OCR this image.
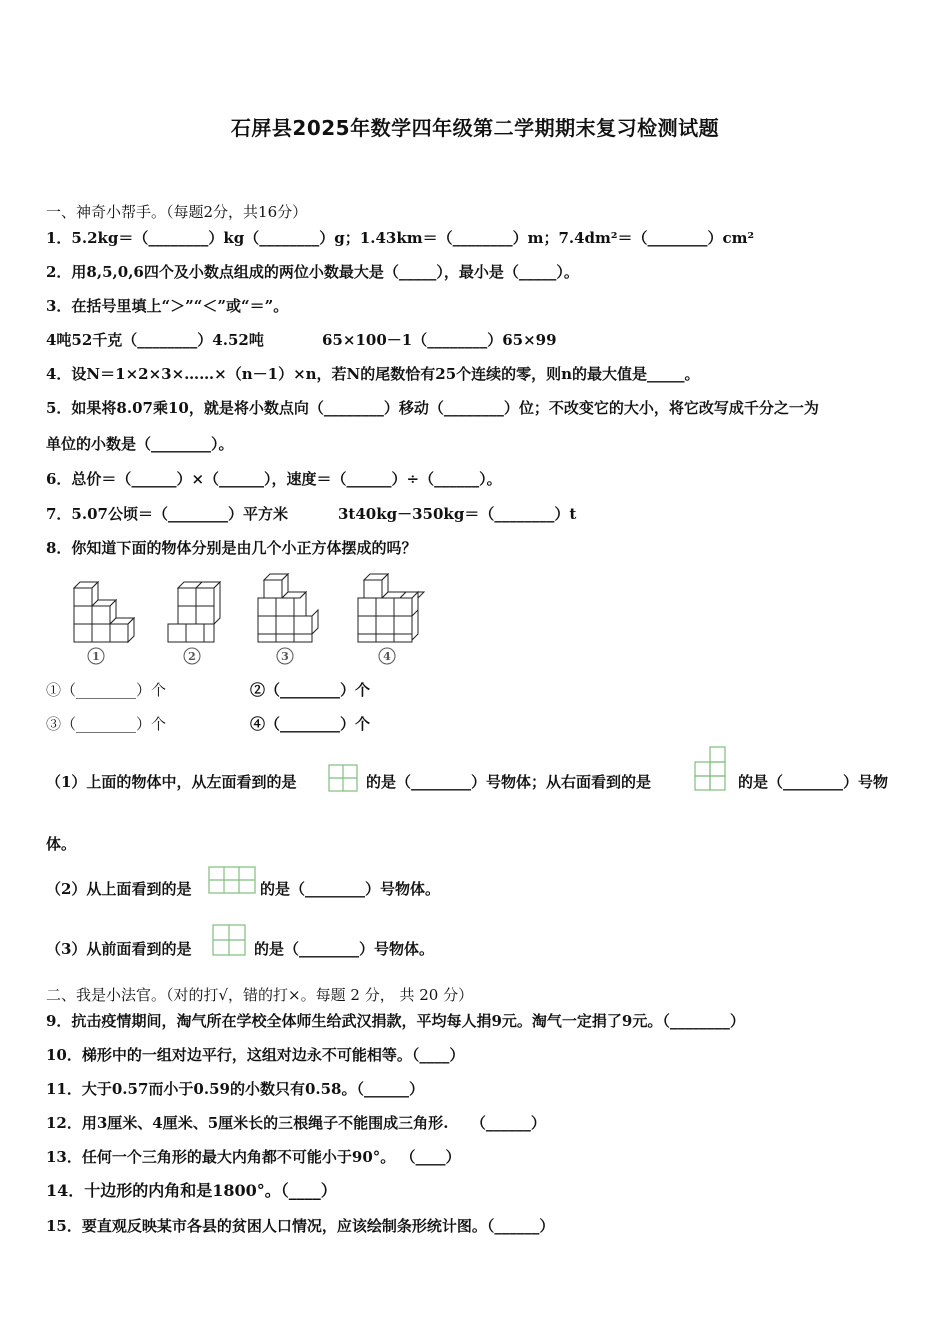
石屏县2025年数学四年级第二学期期末复习检测试题
一、神奇小帮手。（每题2分，共16分）
1．5.2kg＝（________）kg（________）g；1.43km＝（________）m；7.4dm²＝（________）cm²
2．用8,5,0,6四个及小数点组成的两位小数最大是（_____），最小是（_____）。
3．在括号里填上“＞”“＜”或“＝”。
4吨52千克（________）4.52吨	65×100－1（________）65×99
4．设N＝1×2×3×……×（n－1）×n，若N的尾数恰有25个连续的零，则n的最大值是_____。
5．如果将8.07乘10，就是将小数点向（________）移动（________）位；不改变它的大小，将它改写成千分之一为
单位的小数是（________）。
6．总价＝（______）×（______），速度＝（______）÷（______）。
7．5.07公顷＝（________）平方米	3t40kg－350kg＝（________）t
8．你知道下面的物体分别是由几个小正方体摆成的吗？
1	2	3	4
①（________）个	②（________）个
③（________）个	④（________）个
（1）上面的物体中，从左面看到的是	的是（________）号物体；从右面看到的是	的是（________）号物
体。
（2）从上面看到的是	的是（________）号物体。
（3）从前面看到的是	的是（________）号物体。
二、我是小法官。（对的打√，错的打×。每题 2 分， 共 20 分）
9．抗击疫情期间，淘气所在学校全体师生给武汉捐款，平均每人捐9元。淘气一定捐了9元。（________）
10．梯形中的一组对边平行，这组对边永不可能相等。（____）
11．大于0.57而小于0.59的小数只有0.58。（______）
12．用3厘米、4厘米、5厘米长的三根绳子不能围成三角形.　　（______）
13．任何一个三角形的最大内角都不可能小于90°。 （____）
14．十边形的内角和是1800°。（____）
15．要直观反映某市各县的贫困人口情况，应该绘制条形统计图。（______）
